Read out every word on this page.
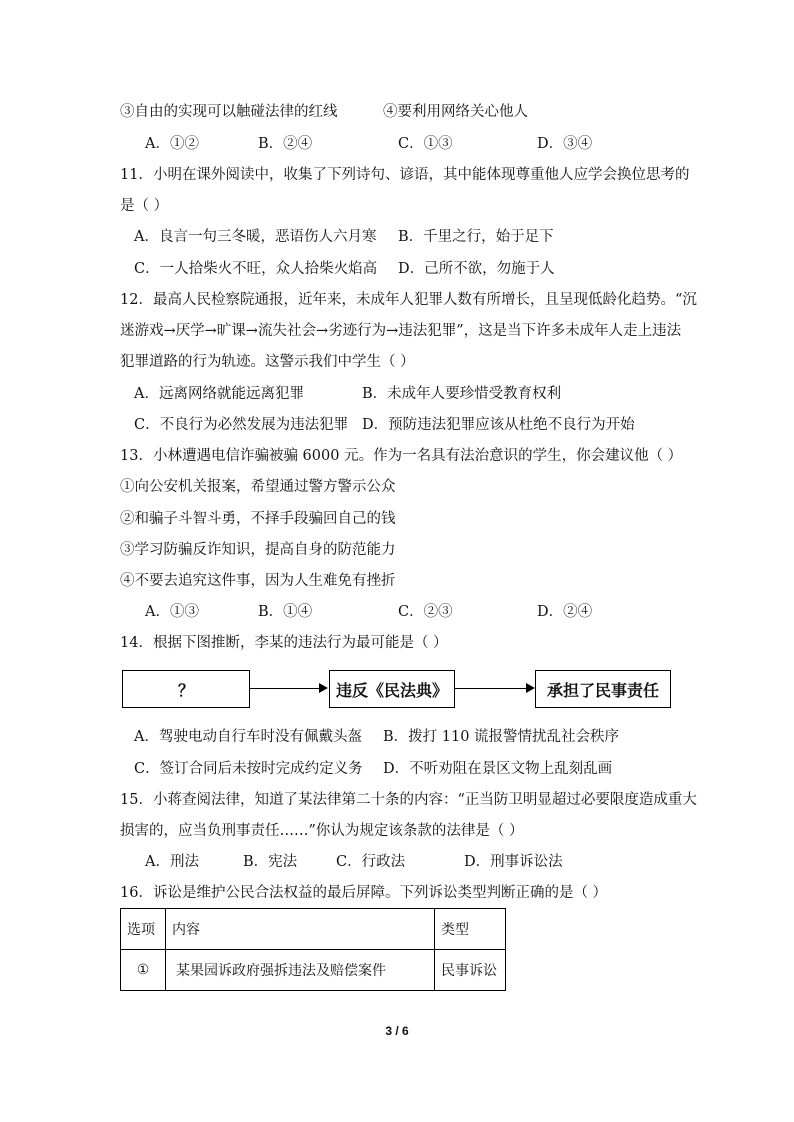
③自由的实现可以触碰法律的红线	④要利用网络关心他人
A．①②	B．②④	C．①③	D．③④
11．小明在课外阅读中，收集了下列诗句、谚语，其中能体现尊重他人应学会换位思考的
是（ ）
A．良言一句三冬暖，恶语伤人六月寒 B．千里之行，始于足下
C．一人拾柴火不旺，众人拾柴火焰高 D．己所不欲，勿施于人
12．最高人民检察院通报，近年来，未成年人犯罪人数有所增长，且呈现低龄化趋势。“沉
迷游戏→厌学→旷课→流失社会→劣迹行为→违法犯罪”，这是当下许多未成年人走上违法
犯罪道路的行为轨迹。这警示我们中学生（ ）
A．远离网络就能远离犯罪	B．未成年人要珍惜受教育权利
C．不良行为必然发展为违法犯罪 D．预防违法犯罪应该从杜绝不良行为开始
13．小林遭遇电信诈骗被骗 6000 元。作为一名具有法治意识的学生，你会建议他（ ）
①向公安机关报案，希望通过警方警示公众
②和骗子斗智斗勇，不择手段骗回自己的钱
③学习防骗反诈知识，提高自身的防范能力
④不要去追究这件事，因为人生难免有挫折
A．①③	B．①④	C．②③	D．②④
14．根据下图推断，李某的违法行为最可能是（ ）
？	违反《民法典》	承担了民事责任
A．驾驶电动自行车时没有佩戴头盔 B．拨打 110 谎报警情扰乱社会秩序
C．签订合同后未按时完成约定义务 D．不听劝阻在景区文物上乱刻乱画
15．小蒋查阅法律，知道了某法律第二十条的内容：“正当防卫明显超过必要限度造成重大
损害的，应当负刑事责任……”你认为规定该条款的法律是（ ）
A．刑法	B．宪法	C．行政法	D．刑事诉讼法
16．诉讼是维护公民合法权益的最后屏障。下列诉讼类型判断正确的是（ ）
选项	内容	类型
①	某果园诉政府强拆违法及赔偿案件	民事诉讼
3 / 6
